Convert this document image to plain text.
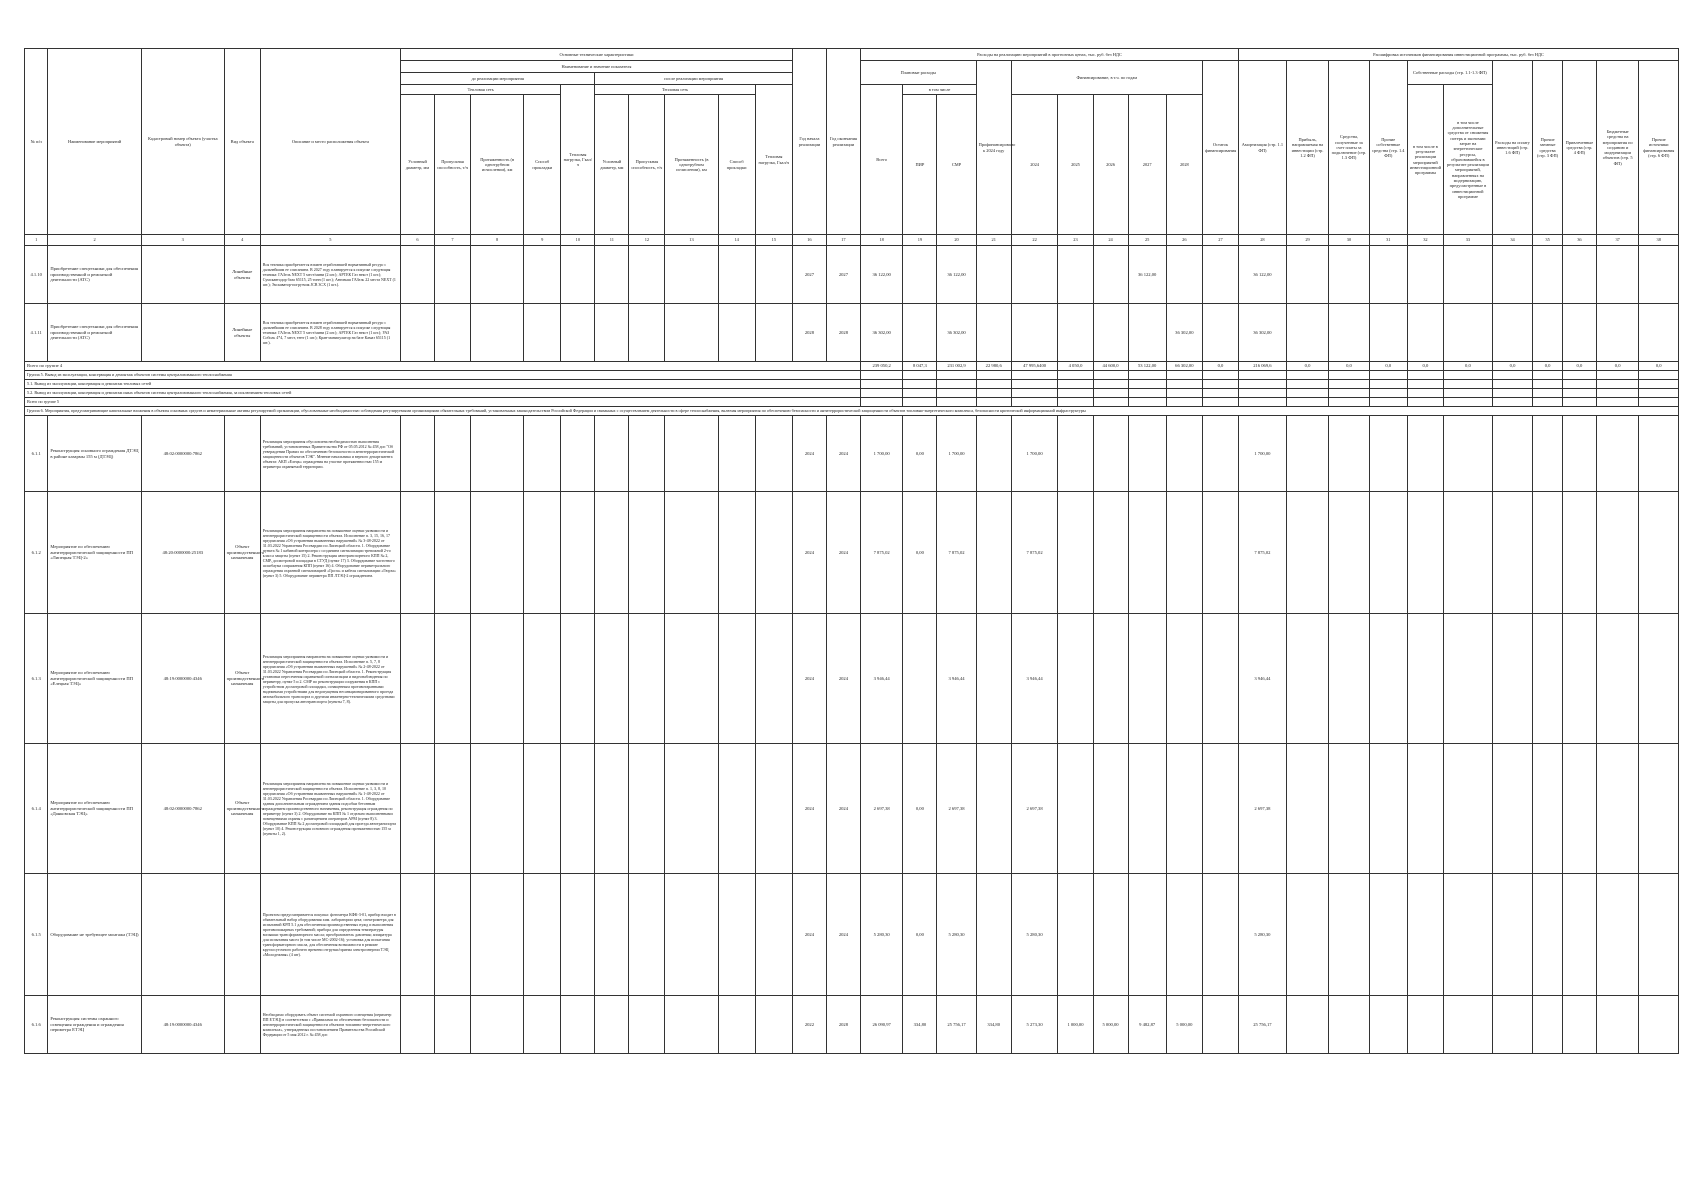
№ п/п	Наименование мероприятий	Кадастровый номер объекта (участка объекта)	Вид объекта	Описание и место расположения объекта	Основные технические характеристики										Год начала реализации	Год окончания реализации	Расходы на реализацию мероприятий в прогнозных ценах, тыс. руб. без НДС										Расшифровка источников финансирования инвестиционной программы, тыс. руб. без НДС										
					Наименование и значение показателя												Плановые расходы			Профинансировано к 2024 году	Финансирование, в т.ч. по годам					Остаток финансирования	Амортизация (стр. 1.1 ФП)	Прибыль, направляемая на инвестиции (стр. 1.2 ФП)	Средства, полученные за счет платы за подключение (стр. 1.3 ФП)	Прочие собственные средства (стр. 1.4 ФП)	Собственные расходы (стр. 1.1-1.3 ФП)		Расходы на оплату инвестиций (стр. 1.6 ФП)	Прочие заемные средства (стр. 3 ФП)	Привлеченные средства (стр. 4 ФП)	Бюджетные средства на мероприятия по созданию и модернизации объектов (стр. 5 ФП)	Прочие источники финансирования (стр. 6 ФП)
					до реализации мероприятия					после реализации мероприятия																											
					Тепловая сеть				Тепловая нагрузка, Гкал/ч	Тепловая сеть				Тепловая нагрузка, Гкал/ч			Всего	в том числе													в том числе в результате реализации мероприятий инвестиционной программы	в том числе дополнительные средства от снижения потерь и экономии затрат на энергетические ресурсы, образовавшейся в результате реализации мероприятий, направленных на модернизацию, предусмотренные в инвестиционной программе					
					Условный диаметр, мм	Пропускная способность, т/ч	Протяженность (в однотрубном исчислении), км	Способ прокладки		Условный диаметр, мм	Пропускная способность, т/ч	Протяженность (в однотрубном исчислении), км	Способ прокладки					ПИР	СМР		2024	2025	2026	2027	2028												
1	2	3	4	5	6	7	8	9	10	11	12	13	14	15	16	17	18	19	20	21	22	23	24	25	26	27	28	29	30	31	32	33	34	35	36	37	38
4.1.10	Приобретение спецтехники для обеспечения производственной и ремонтной деятельности (АТС)		Линейные объекты	Вся техника приобретается взамен отработавшей нормативный ресурс с дальнейшим ее списанием. В 2027 году планируется к покупке следующая техника: ГАЗель NEXT 5 мест/мини (2 шт.); АРТЕК Газ некст (1 шт.); Сумскавтодор база 65115, 25 тонн (1 шт.); Автовыш ГАЗель 22 места NEXT (1 шт.); Экскаватор-погрузчик JCB 3CX (1 шт.).											2027	2027	36 122,00		36 122,00					36 122,00			36 122,00										
4.1.11	Приобретение спецтехники для обеспечения производственной и ремонтной деятельности (АТС)		Линейные объекты	Вся техника приобретается взамен отработавшей нормативный ресурс с дальнейшим ее списанием. В 2028 году планируется к покупке следующая техника: ГАЗель NEXT 5 мест/мини (2 шт.); АРТЕК Газ некст (1 шт.); УАЗ Соболь 4*4, 7 мест, тент (1 шт.); Кран-манипулятор на базе Камаз 65115 (1 шт.).											2028	2028	36 302,00		36 302,00						36 302,00		36 302,00										
Всего по группе 4																	239 050,2	8 047,3	231 002,9	22 980,6	47 995,6400	4 050,0	44 600,0	53 122,00	66 302,00	0,0	216 069,6	0,0	0,0	0,0	0,0	0,0	0,0	0,0	0,0	0,0	0,0
Группа 5. Вывод из эксплуатации, консервация и демонтаж объектов системы централизованного теплоснабжения																																					
5.1. Вывод из эксплуатации, консервация и демонтаж тепловых сетей																																					
5.2. Вывод из эксплуатации, консервация и демонтаж иных объектов системы централизованного теплоснабжения, за исключением тепловых сетей																																					
Всего по группе 5																																					
Группа 6. Мероприятия, предусматривающие капитальные вложения в объекты основных средств и нематериальные активы регулируемой организации, обусловленные необходимостью соблюдения регулируемыми организациями обязательных требований, установленных законодательством Российской Федерации и связанных с осуществлением деятельности в сфере теплоснабжения, включая мероприятия по обеспечению безопасности и антитеррористической защищенности объектов топливно-энергетического комплекса, безопасности критической информационной инфраструктуры																																					
6.1.1	Реконструкция основного ограждения ДТЭЦ в районе казармы 155 м (ДТЭЦ)	48:02:0000000:7862		Реализация мероприятия обусловлена необходимостью выполнения требований, установленных Правительства РФ от 05.05.2012 № 458 дсп "Об утверждении Правил по обеспечению безопасности и антитеррористической защищенности объектов ТЭК". Мнение начальника и верного департамента объекта: АКП «Елецк» ограждения на участке протяженностью 155 м периметра охраняемой территории.											2024	2024	1 700,00	0,00	1 700,00		1 700,00						1 700,00										
6.1.2	Мероприятие по обеспечению антитеррористической защищенности ПП «Липецкая ТЭЦ-2»	48:20:0000000:25183	Объект производственного назначения	Реализация мероприятия направлена на повышение оценки уязвимости и антитеррористической защищенности объекта. Исполнение п. 3, 15, 16, 17 предписания «Об устранении выявленных нарушений» № 3-48-2022 от 31.03.2022 Управления Росгвардии по Липецкой области. 1. Оборудование пункта № 1 кабиной контролера с созданием сигнализации тревожной 2-го класса защиты (пункт 15) 2. Реконструкция автотранспортного КПП № 2, СМР, досмотровой площадки в СТУД (пункт 17) 3. Оборудование частотного шлагбаума сопряжения КПП (пункт 16) 4. Оборудование периметрального ограждения охранной сигнализацией «Гроза» и кабеля сигнализации «Гюрза» (пункт 3) 5. Оборудование периметра ПП ЛТЭЦ-2 ограждением.											2024	2024	7 875,02	0,00	7 875,02		7 875,02						7 875,02										
6.1.3	Мероприятие по обеспечению антитеррористической защищенности ПП «Елецкая ТЭЦ»	48:19:0000000:4346	Объект производственного назначения	Реализация мероприятия направлена на повышение оценки уязвимости и антитеррористической защищенности объекта. Исполнение п. 5, 7, 8 предписания «Об устранении выявленных нарушений» № 2-48-2022 от 31.03.2022 Управления Росгвардии по Липецкой области. 1. Реконструкция установки пересечения охраняемой сигнализации и видеонаблюдения по периметру, пункт 5 и 2. СМР по реконструкции сооружения в КПП с устройством досмотровой площадки, оснащенным противотаранными надежными устройствами для недопущения несанкционированного проезда автомобильного транспорта и другими инженерно-техническими средствами защиты для пропуска автотранспорта (пункты 7, 8).											2024	2024	3 946,44		3 946,44		3 946,44						3 946,44										
6.1.4	Мероприятие по обеспечению антитеррористической защищенности ПП «Данковская ТЭЦ»	48:02:0000000:7862	Объект производственного назначения	Реализация мероприятия направлена на повышение оценки уязвимости и антитеррористической защищенности объекта. Исполнение п. 1, 3, 8, 10 предписания «Об устранении выявленных нарушений» № 1-48-2022 от 31.03.2022 Управления Росгвардии по Липецкой области. 1. Оборудование здания дополнительным ограждением здания подсобки бетонным ограждением производственного назначения, реконструкция ограждения по периметру (пункт 3) 2. Оборудование на КПП № 1 отдельно выполненными помещениями охраны с размещением операторов АРМ (пункт 8) 3. Оборудование КПП № 2 досмотровой площадкой для проезда автотранспорта (пункт 10) 4. Реконструкция основного ограждения протяженностью 155 м (пункты 1, 2).											2024	2024	2 697,38	0,00	2 697,38		2 697,38						2 697,38										
6.1.5	Оборудование не требующее монтажа (ТЭЦ)			Проектом предусматривается покупка: фотометра КФК-3-01, прибор входит в обязательный набор оборудования хим. лаборатории цеха; спектрометра для испытаний КРП 5.1 для обеспечения производственных нужд и выполнения противопожарных требований; прибора для определения температуры вспышки трансформаторного масла; преобразователь давления; аппаратура для испытания масел (в том числе MC-2002-16); установка для испытания трансформаторного масла, для обеспечения возможности в режиме круглосуточного рабочего времени отгрузки/приема электроэнергии ТЭЦ «Молодежная» (4 шт).											2024	2024	5 280,30	0,00	5 280,30		5 280,30						5 280,30										
6.1.6	Реконструкция системы охранного освещения ограждения и ограждения периметра ЕТЭЦ	48:19:0000000:4346		Необходимо оборудовать объект системой охранного освещения (периметр ПП ЕТЭЦ) в соответствии с «Правилами по обеспечению безопасности и антитеррористической защищенности объектов топливно-энергетического комплекса», утвержденных постановлением Правительства Российской Федерации от 5 мая 2012 г. № 458 дсп											2022	2028	26 090,97	334,80	25 756,17	334,80	5 273,30	1 000,00	5 000,00	9 482,87	5 000,00		25 756,17										
